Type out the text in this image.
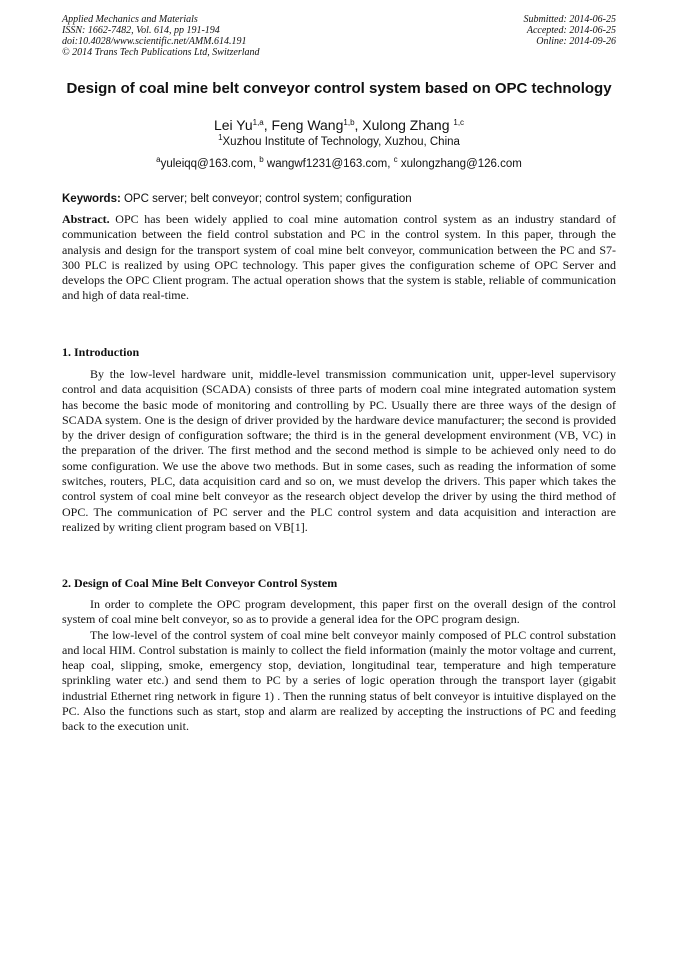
Applied Mechanics and Materials
ISSN: 1662-7482, Vol. 614, pp 191-194
doi:10.4028/www.scientific.net/AMM.614.191
© 2014 Trans Tech Publications Ltd, Switzerland
Submitted: 2014-06-25
Accepted: 2014-06-25
Online: 2014-09-26
Design of coal mine belt conveyor control system based on OPC technology
Lei Yu$^{1,a}$, Feng Wang$^{1,b}$, Xulong Zhang $^{1,c}$
$^1$Xuzhou Institute of Technology, Xuzhou, China
$^a$yuleiqq@163.com, $^b$ wangwf1231@163.com, $^c$ xulongzhang@126.com
Keywords: OPC server; belt conveyor; control system; configuration
Abstract. OPC has been widely applied to coal mine automation control system as an industry standard of communication between the field control substation and PC in the control system. In this paper, through the analysis and design for the transport system of coal mine belt conveyor, communication between the PC and S7-300 PLC is realized by using OPC technology. This paper gives the configuration scheme of OPC Server and develops the OPC Client program. The actual operation shows that the system is stable, reliable of communication and high of data real-time.
1. Introduction

By the low-level hardware unit, middle-level transmission communication unit, upper-level supervisory control and data acquisition (SCADA) consists of three parts of modern coal mine integrated automation system has become the basic mode of monitoring and controlling by PC. Usually there are three ways of the design of SCADA system. One is the design of driver provided by the hardware device manufacturer; the second is provided by the driver design of configuration software; the third is in the general development environment (VB, VC) in the preparation of the driver. The first method and the second method is simple to be achieved only need to do some configuration. We use the above two methods. But in some cases, such as reading the information of some switches, routers, PLC, data acquisition card and so on, we must develop the drivers. This paper which takes the control system of coal mine belt conveyor as the research object develop the driver by using the third method of OPC. The communication of PC server and the PLC control system and data acquisition and interaction are realized by writing client program based on VB[1].

2. Design of Coal Mine Belt Conveyor Control System

In order to complete the OPC program development, this paper first on the overall design of the control system of coal mine belt conveyor, so as to provide a general idea for the OPC program design.

The low-level of the control system of coal mine belt conveyor mainly composed of PLC control substation and local HIM. Control substation is mainly to collect the field information (mainly the motor voltage and current, heap coal, slipping, smoke, emergency stop, deviation, longitudinal tear, temperature and high temperature sprinkling water etc.) and send them to PC by a series of logic operation through the transport layer (gigabit industrial Ethernet ring network in figure 1) . Then the running status of belt conveyor is intuitive displayed on the PC. Also the functions such as start, stop and alarm are realized by accepting the instructions of PC and feeding back to the execution unit.
